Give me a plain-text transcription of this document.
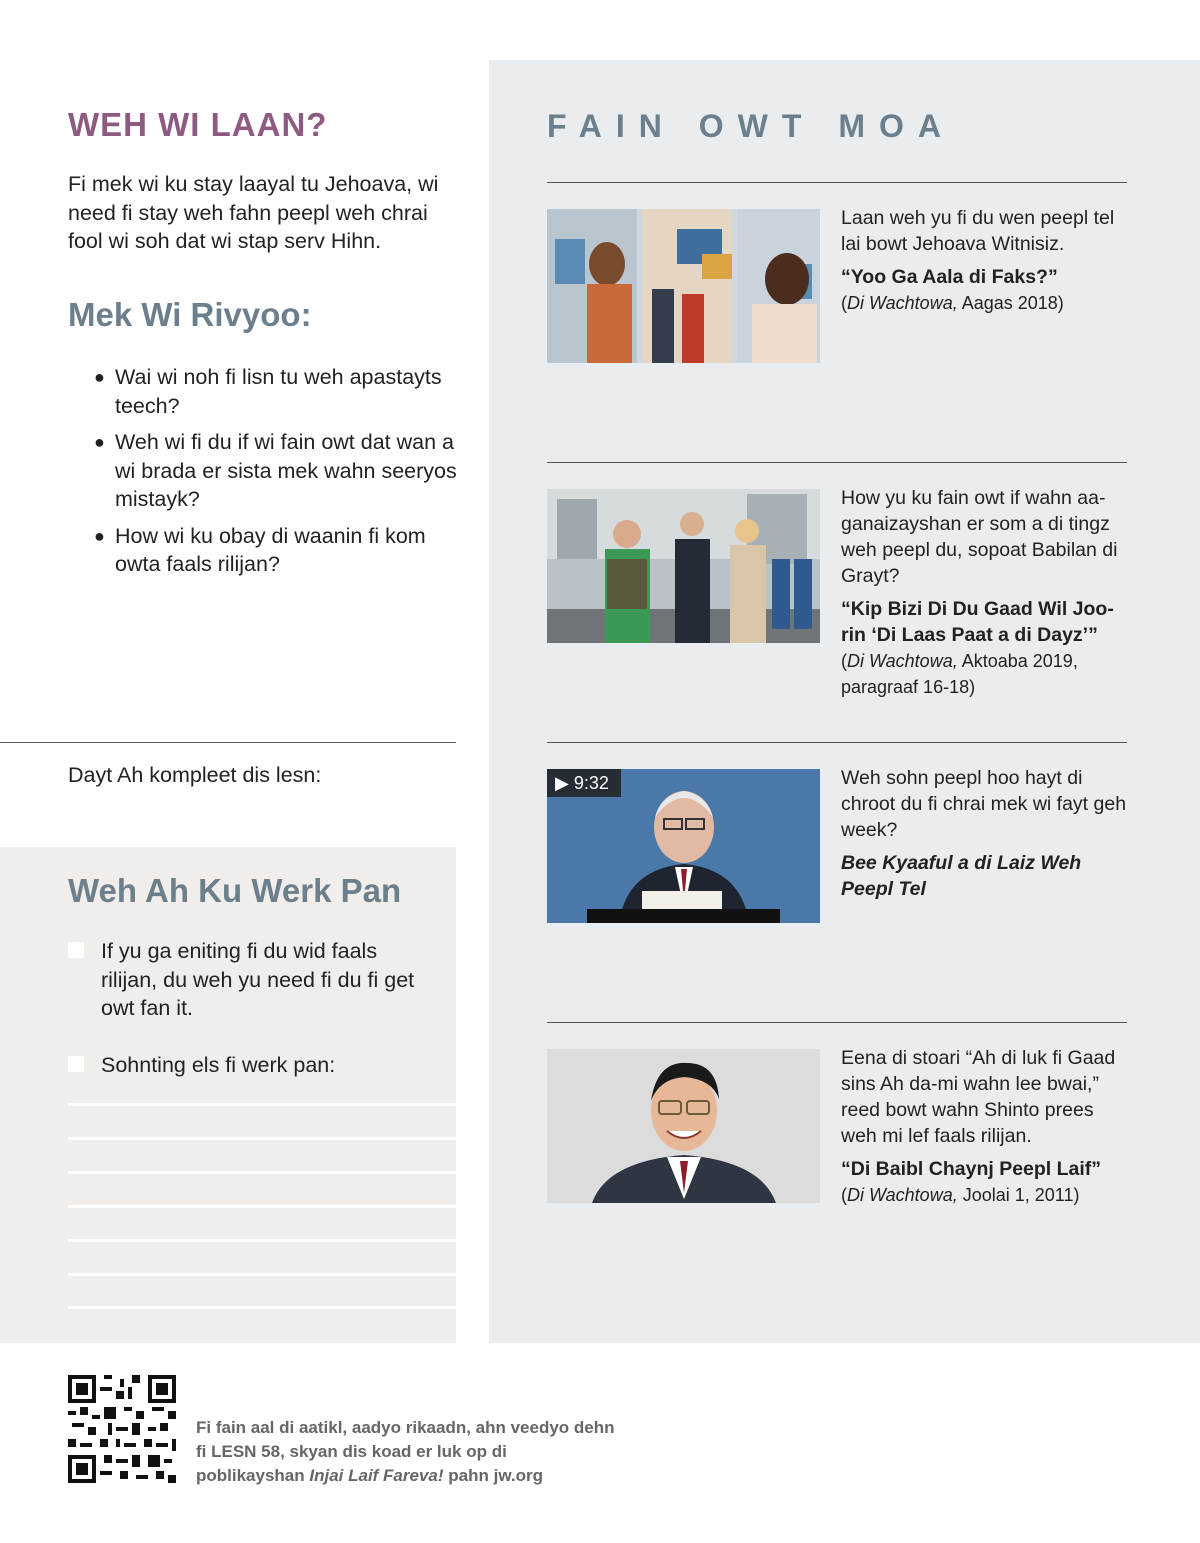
WEH WI LAAN?

Fi mek wi ku stay laayal tu Jehoava, wi need fi stay weh fahn peepl weh chrai fool wi soh dat wi stap serv Hihn.

Mek Wi Rivyoo:
● Wai wi noh fi lisn tu weh apastayts teech?
● Weh wi fi du if wi fain owt dat wan a wi brada er sista mek wahn seeryos mistayk?
● How wi ku obay di waanin fi kom owta faals rilijan?
Dayt Ah kompleet dis lesn:
Weh Ah Ku Werk Pan
If yu ga eniting fi du wid faals rilijan, du weh yu need fi du fi get owt fan it.
Sohnting els fi werk pan:
FAIN OWT MOA
Laan weh yu fi du wen peepl tel lai bowt Jehoava Witnisiz.
“Yoo Ga Aala di Faks?”
(Di Wachtowa, Aagas 2018)
How yu ku fain owt if wahn aaganaizayshan er som a di tingz weh peepl du, sopoat Babilan di Grayt?
“Kip Bizi Di Du Gaad Wil Joorin ‘Di Laas Paat a di Dayz’”
(Di Wachtowa, Aktoaba 2019, paragraaf 16-18)
▶ 9:32	Weh sohn peepl hoo hayt di chroot du fi chrai mek wi fayt geh week?
Bee Kyaaful a di Laiz Weh Peepl Tel
Eena di stoari “Ah di luk fi Gaad sins Ah da-mi wahn lee bwai,” reed bowt wahn Shinto prees weh mi lef faals rilijan.
“Di Baibl Chaynj Peepl Laif”
(Di Wachtowa, Joolai 1, 2011)

Fi fain aal di aatikl, aadyo rikaadn, ahn veedyo dehn fi LESN 58, skyan dis koad er luk op di poblikayshan Injai Laif Fareva! pahn jw.org
